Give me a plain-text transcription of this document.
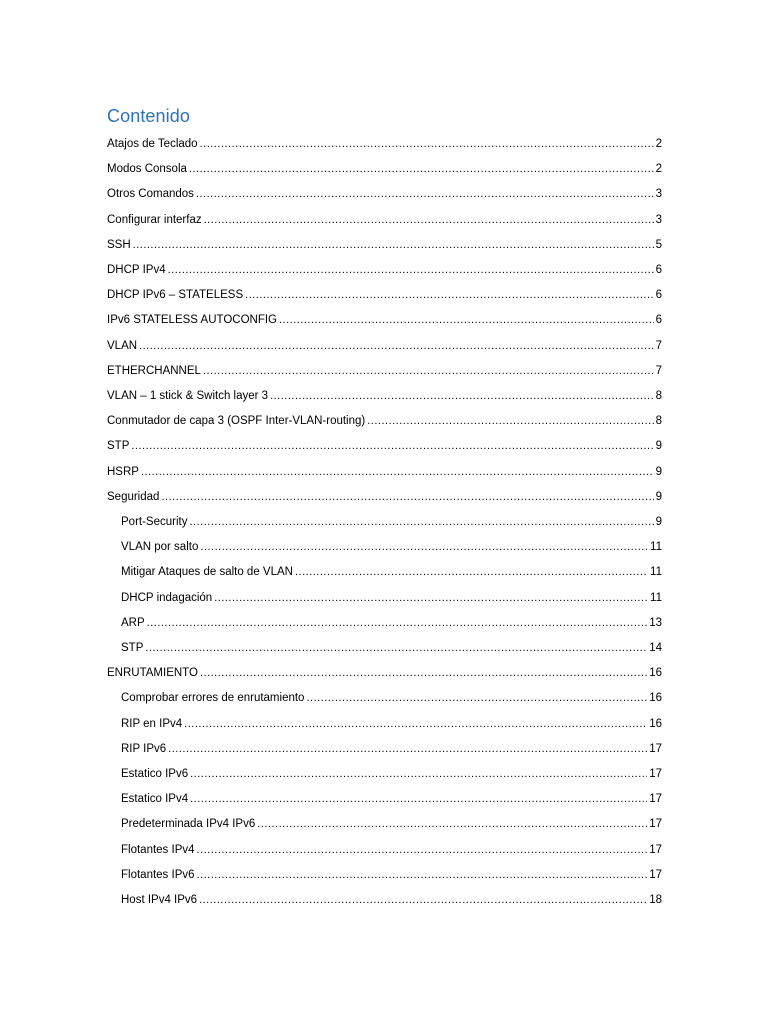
Contenido
Atajos de Teclado .....	2
Modos Consola .....	2
Otros Comandos .....	3
Configurar interfaz .....	3
SSH .....	5
DHCP IPv4 .....	6
DHCP IPv6 – STATELESS .....	6
IPv6 STATELESS AUTOCONFIG .....	6
VLAN .....	7
ETHERCHANNEL .....	7
VLAN – 1 stick & Switch layer 3 .....	8
Conmutador de capa 3 (OSPF Inter-VLAN-routing) .....	8
STP .....	9
HSRP .....	9
Seguridad .....	9
Port-Security .....	9
VLAN por salto .....	11
Mitigar Ataques de salto de VLAN .....	11
DHCP indagación .....	11
ARP .....	13
STP .....	14
ENRUTAMIENTO .....	16
Comprobar errores de enrutamiento .....	16
RIP en IPv4 .....	16
RIP IPv6 .....	17
Estatico IPv6 .....	17
Estatico IPv4 .....	17
Predeterminada IPv4 IPv6 .....	17
Flotantes IPv4 .....	17
Flotantes IPv6 .....	17
Host IPv4 IPv6 .....	18
